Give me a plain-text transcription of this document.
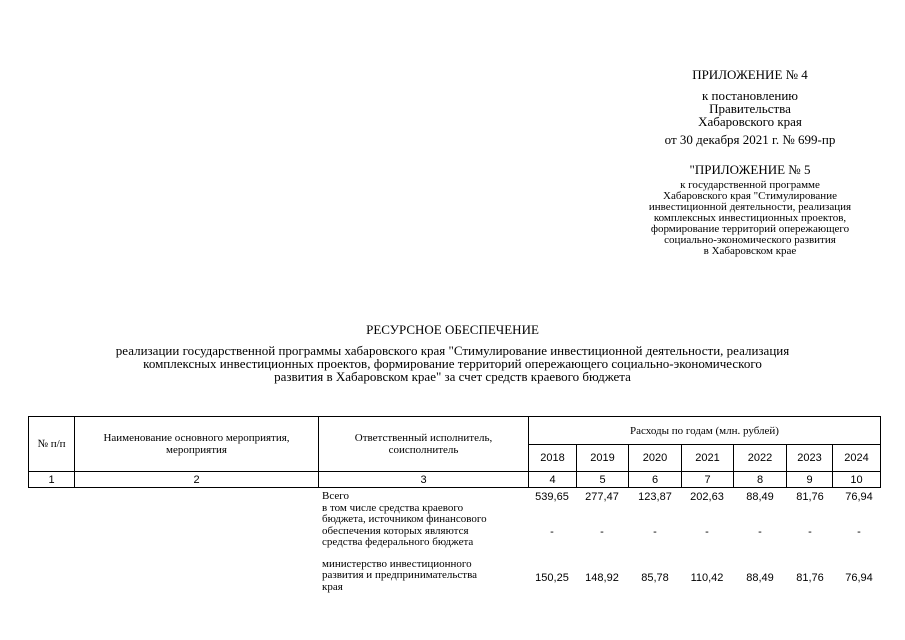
ПРИЛОЖЕНИЕ № 4
к постановлению
Правительства
Хабаровского края
от 30 декабря 2021 г. № 699-пр
"ПРИЛОЖЕНИЕ № 5
к государственной программе
Хабаровского края "Стимулирование
инвестиционной деятельности, реализация
комплексных инвестиционных проектов,
формирование территорий опережающего
социально-экономического развития
в Хабаровском крае
РЕСУРСНОЕ ОБЕСПЕЧЕНИЕ
реализации государственной программы хабаровского края "Стимулирование инвестиционной деятельности, реализация
комплексных инвестиционных проектов, формирование территорий опережающего социально-экономического
развития в Хабаровском крае" за счет средств краевого бюджета
№ п/п	Наименование основного мероприятия, мероприятия	Ответственный исполнитель, соисполнитель	Расходы по годам (млн. рублей)						
			2018	2019	2020	2021	2022	2023	2024
1	2	3	4	5	6	7	8	9	10
Всего	539,65	277,47	123,87	202,63	88,49	81,76	76,94
в том числе средства краевого
бюджета, источником финансового
обеспечения которых являются
средства федерального бюджета
-	-	-	-	-	-	-
министерство инвестиционного
развития и предпринимательства
края
150,25	148,92	85,78	110,42	88,49	81,76	76,94
